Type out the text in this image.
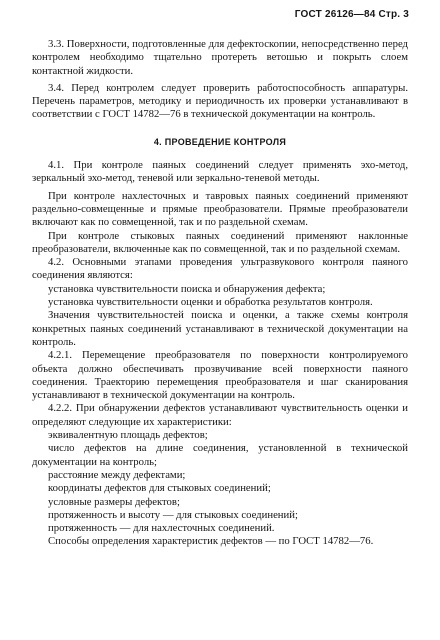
ГОСТ 26126—84 Стр. 3

3.3. Поверхности, подготовленные для дефектоскопии, непосредственно перед контролем необходимо тщательно протереть ветошью и покрыть слоем контактной жидкости.

3.4. Перед контролем следует проверить работоспособность аппаратуры. Перечень параметров, методику и периодичность их проверки устанавливают в соответствии с ГОСТ 14782—76 в технической документации на контроль.

4. ПРОВЕДЕНИЕ КОНТРОЛЯ

4.1. При контроле паяных соединений следует применять эхо-метод, зеркальный эхо-метод, теневой или зеркально-теневой методы.

При контроле нахлесточных и тавровых паяных соединений применяют раздельно-совмещенные и прямые преобразователи. Прямые преобразователи включают как по совмещенной, так и по раздельной схемам.

При контроле стыковых паяных соединений применяют наклонные преобразователи, включенные как по совмещенной, так и по раздельной схемам.

4.2. Основными этапами проведения ультразвукового контроля паяного соединения являются:

установка чувствительности поиска и обнаружения дефекта;

установка чувствительности оценки и обработка результатов контроля.

Значения чувствительностей поиска и оценки, а также схемы контроля конкретных паяных соединений устанавливают в технической документации на контроль.

4.2.1. Перемещение преобразователя по поверхности контролируемого объекта должно обеспечивать прозвучивание всей поверхности паяного соединения. Траекторию перемещения преобразователя и шаг сканирования устанавливают в технической документации на контроль.

4.2.2. При обнаружении дефектов устанавливают чувствительность оценки и определяют следующие их характеристики:

эквивалентную площадь дефектов;

число дефектов на длине соединения, установленной в технической документации на контроль;

расстояние между дефектами;

координаты дефектов для стыковых соединений;

условные размеры дефектов;

протяженность и высоту — для стыковых соединений;

протяженность — для нахлесточных соединений.

Способы определения характеристик дефектов — по ГОСТ 14782—76.
